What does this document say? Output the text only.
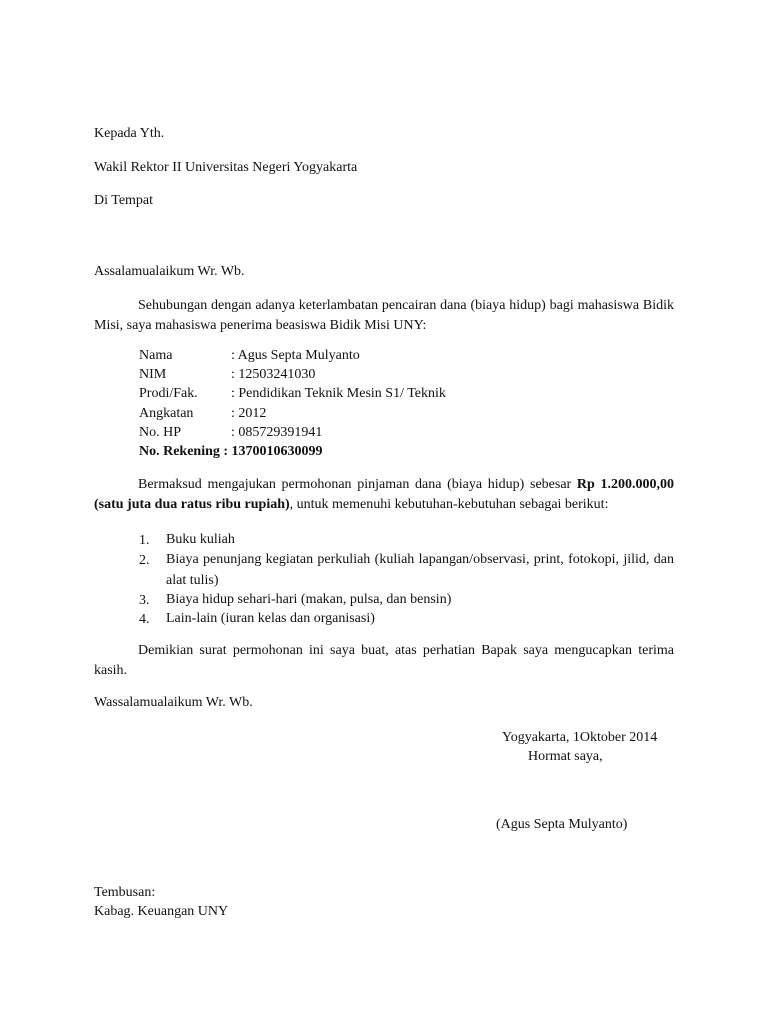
Kepada Yth.
Wakil Rektor II Universitas Negeri Yogyakarta
Di Tempat
Assalamualaikum Wr. Wb.
Sehubungan dengan adanya keterlambatan pencairan dana (biaya hidup) bagi mahasiswa Bidik Misi, saya mahasiswa penerima beasiswa Bidik Misi UNY:
Nama	: Agus Septa Mulyanto
NIM	: 12503241030
Prodi/Fak. : Pendidikan Teknik Mesin S1/ Teknik
Angkatan	: 2012
No. HP	: 085729391941
No. Rekening : 1370010630099
Bermaksud mengajukan permohonan pinjaman dana (biaya hidup) sebesar Rp 1.200.000,00 (satu juta dua ratus ribu rupiah), untuk memenuhi kebutuhan-kebutuhan sebagai berikut:
1. Buku kuliah
2. Biaya penunjang kegiatan perkuliah (kuliah lapangan/observasi, print, fotokopi, jilid, dan alat tulis)
3. Biaya hidup sehari-hari (makan, pulsa, dan bensin)
4. Lain-lain (iuran kelas dan organisasi)
Demikian surat permohonan ini saya buat, atas perhatian Bapak saya mengucapkan terima kasih.
Wassalamualaikum Wr. Wb.
Yogyakarta, 1Oktober 2014
Hormat saya,
(Agus Septa Mulyanto)
Tembusan:
Kabag. Keuangan UNY
